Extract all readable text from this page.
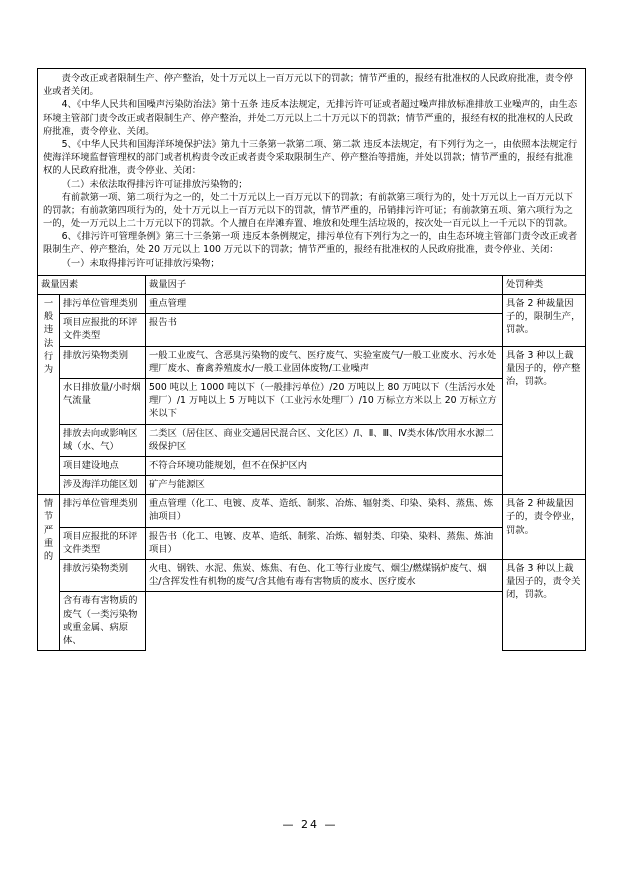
责令改正或者限制生产、停产整治，处十万元以上一百万元以下的罚款；情节严重的，报经有批准权的人民政府批准，责令停业或者关闭。

4、《中华人民共和国噪声污染防治法》第十五条 违反本法规定，无排污许可证或者超过噪声排放标准排放工业噪声的，由生态环境主管部门责令改正或者限制生产、停产整治，并处二万元以上二十万元以下的罚款；情节严重的，报经有权的批准权的人民政府批准，责令停业、关闭。

5、《中华人民共和国海洋环境保护法》第九十三条第一款第二项、第二款 违反本法规定，有下列行为之一，由依照本法规定行使海洋环境监督管理权的部门或者机构责令改正或者责令采取限制生产、停产整治等措施，并处以罚款；情节严重的，报经有批准权的人民政府批准，责令停业、关闭：

（二）未依法取得排污许可证排放污染物的；

有前款第一项、第二项行为之一的，处二十万元以上一百万元以下的罚款；有前款第三项行为的，处十万元以上一百万元以下的罚款；有前款第四项行为的，处十万元以上一百万元以下的罚款，情节严重的，吊销排污许可证；有前款第五项、第六项行为之一的，处一万元以上二十万元以下的罚款。个人擅自在岸滩弃置、堆放和处理生活垃圾的，按次处一百元以上一千元以下的罚款。

6、《排污许可管理条例》第三十三条第一项 违反本条例规定，排污单位有下列行为之一的，由生态环境主管部门责令改正或者限制生产、停产整治，处 20 万元以上 100 万元以下的罚款；情节严重的，报经有批准权的人民政府批准，责令停业、关闭：

（一）未取得排污许可证排放污染物；

裁量因素		裁量因子	处罚种类

一
般
违
法
行
为
	排污单位管理类别	重点管理	具备 2 种裁量因子的，限制生产，罚款。
	项目应报批的环评文件类型	报告书	
	排放污染物类别	一般工业废气、含恶臭污染物的废气、医疗废气、实验室废气/一般工业废水、污水处理厂废水、畜禽养殖废水/一般工业固体废物/工业噪声	具备 3 种以上裁量因子的，停产整治，罚款。
	水日排放量/小时烟气流量	500 吨以上 1000 吨以下（一般排污单位）/20 万吨以上 80 万吨以下（生活污水处理厂）/1 万吨以上 5 万吨以下（工业污水处理厂）/10 万标立方米以上 20 万标立方米以下	
	排放去向或影响区域（水、气）	二类区（居住区、商业交通居民混合区、文化区）/Ⅰ、Ⅱ、Ⅲ、Ⅳ类水体/饮用水水源二级保护区	
	项目建设地点	不符合环境功能规划，但不在保护区内	
	涉及海洋功能区划	矿产与能源区	

情
节
严
重
的	排污单位管理类别	重点管理（化工、电镀、皮革、造纸、制浆、冶炼、辐射类、印染、染料、蒸焦、炼油项目）	具备 2 种裁量因子的，责令停业，罚款。
	项目应报批的环评文件类型	报告书（化工、电镀、皮革、造纸、制浆、冶炼、辐射类、印染、染料、蒸焦、炼油项目）	
	排放污染物类别	火电、钢铁、水泥、焦炭、炼焦、有色、化工等行业废气、烟尘/燃煤锅炉废气、烟尘/含挥发性有机物的废气/含其他有毒有害物质的废水、医疗废水	具备 3 种以上裁量因子的，责令关闭，罚款。
	含有毒有害物质的废气（一类污染物或重金属、病原体、		
— 24 —
